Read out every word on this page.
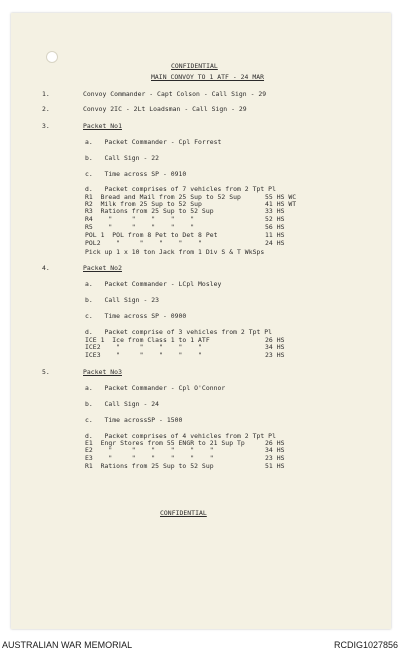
CONFIDENTIAL
MAIN CONVOY TO 1 ATF - 24 MAR
1.	Convoy Commander - Capt Colson - Call Sign - 29
2.	Convoy 2IC - 2Lt Loadsman - Call Sign - 29
3.	Packet No1
a.   Packet Commander - Cpl Forrest
b.   Call Sign - 22
c.   Time across SP - 0910
d.   Packet comprises of 7 vehicles from 2 Tpt Pl
R1  Bread and Mail from 25 Sup to 52 Sup	55 HS WC
R2  Milk from 25 Sup to 52 Sup	41 HS WT
R3  Rations from 25 Sup to 52 Sup	33 HS
R4    "     "    "    "    "	52 HS
R5    "     "    "    "    "	56 HS
POL 1  POL from 8 Pet to Det 8 Pet	11 HS
POL2    "     "    "    "    "	24 HS
Pick up 1 x 10 ton Jack from 1 Div S & T WkSps
4.	Packet No2
a.   Packet Commander - LCpl Mosley
b.   Call Sign - 23
c.   Time across SP - 0900
d.   Packet comprise of 3 vehicles from 2 Tpt Pl
ICE 1  Ice from Class 1 to 1 ATF	26 HS
ICE2    "     "    "    "    "	34 HS
ICE3    "     "    "    "    "	23 HS
5.	Packet No3
a.   Packet Commander - Cpl O'Connor
b.   Call Sign - 24
c.   Time acrossSP - 1500
d.   Packet comprises of 4 vehicles from 2 Tpt Pl
E1  Engr Stores from 55 ENGR to 21 Sup Tp	26 HS
E2    "     "    "    "    "    "	34 HS
E3    "     "    "    "    "    "	23 HS
R1  Rations from 25 Sup to 52 Sup	51 HS
CONFIDENTIAL
AUSTRALIAN WAR MEMORIAL	RCDIG1027856
